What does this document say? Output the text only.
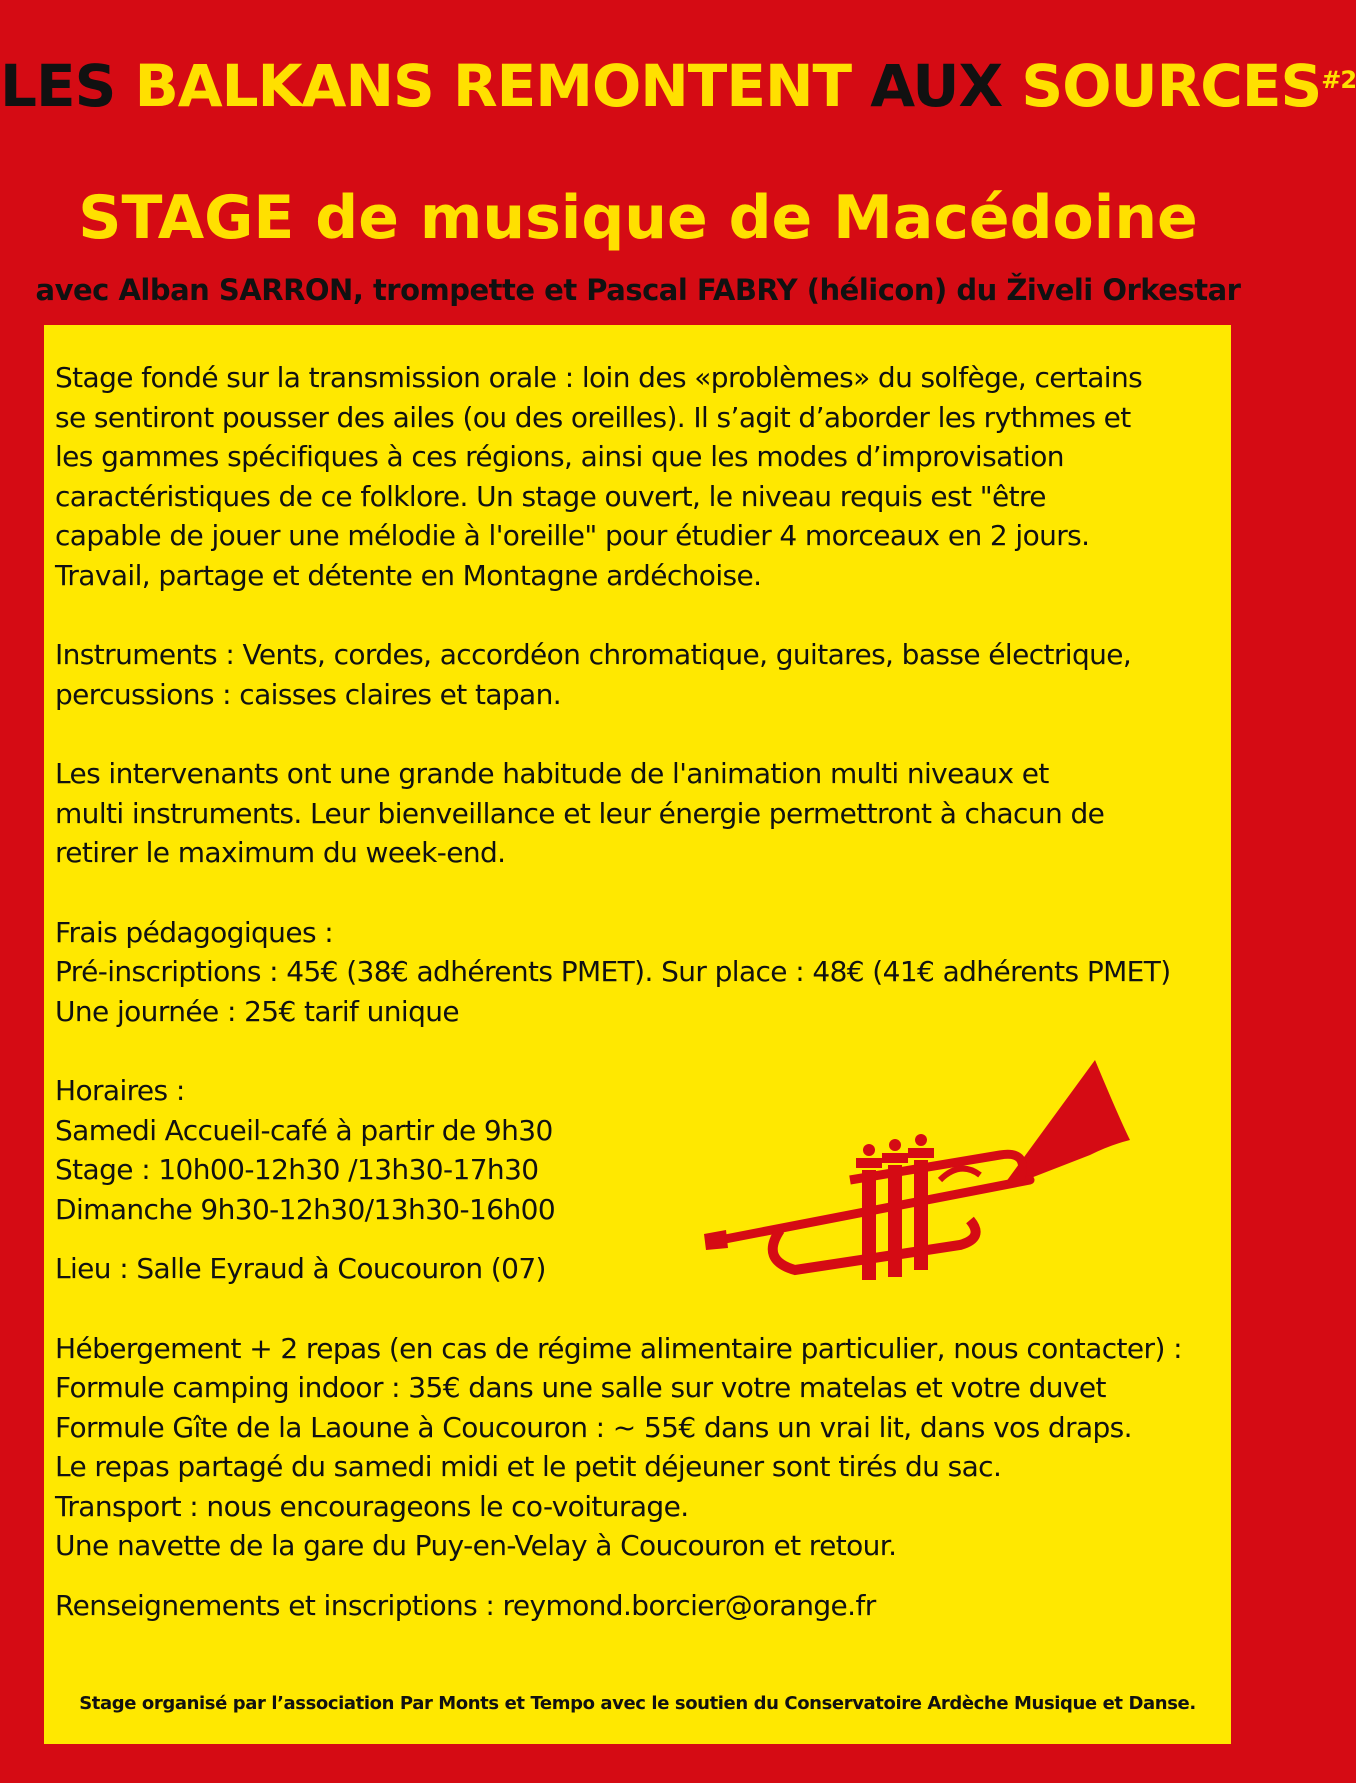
LES BALKANS REMONTENT AUX SOURCES$^{\#2}$
STAGE de musique de Macédoine
avec Alban SARRON, trompette et Pascal FABRY (hélicon) du Živeli Orkestar

Stage fondé sur la transmission orale : loin des «problèmes» du solfège, certains

se sentiront pousser des ailes (ou des oreilles). Il s’agit d’aborder les rythmes et

les gammes spécifiques à ces régions, ainsi que les modes d’improvisation

caractéristiques de ce folklore. Un stage ouvert, le niveau requis est "être

capable de jouer une mélodie à l'oreille" pour étudier 4 morceaux en 2 jours.

Travail, partage et détente en Montagne ardéchoise.

Instruments : Vents, cordes, accordéon chromatique, guitares, basse électrique,

percussions : caisses claires et tapan.

Les intervenants ont une grande habitude de l'animation multi niveaux et

multi instruments. Leur bienveillance et leur énergie permettront à chacun de

retirer le maximum du week-end.

Frais pédagogiques :

Pré-inscriptions : 45€ (38€ adhérents PMET). Sur place : 48€ (41€ adhérents PMET)

Une journée : 25€ tarif unique

Horaires :

Samedi Accueil-café à partir de 9h30

Stage : 10h00-12h30 /13h30-17h30

Dimanche 9h30-12h30/13h30-16h00

Lieu : Salle Eyraud à Coucouron (07)

Hébergement + 2 repas (en cas de régime alimentaire particulier, nous contacter) :

Formule camping indoor : 35€ dans une salle sur votre matelas et votre duvet

Formule Gîte de la Laoune à Coucouron : ~ 55€ dans un vrai lit, dans vos draps.

Le repas partagé du samedi midi et le petit déjeuner sont tirés du sac.

Transport : nous encourageons le co-voiturage.

Une navette de la gare du Puy-en-Velay à Coucouron et retour.

Renseignements et inscriptions : reymond.borcier@orange.fr

Stage organisé par l’association Par Monts et Tempo avec le soutien du Conservatoire Ardèche Musique et Danse.
